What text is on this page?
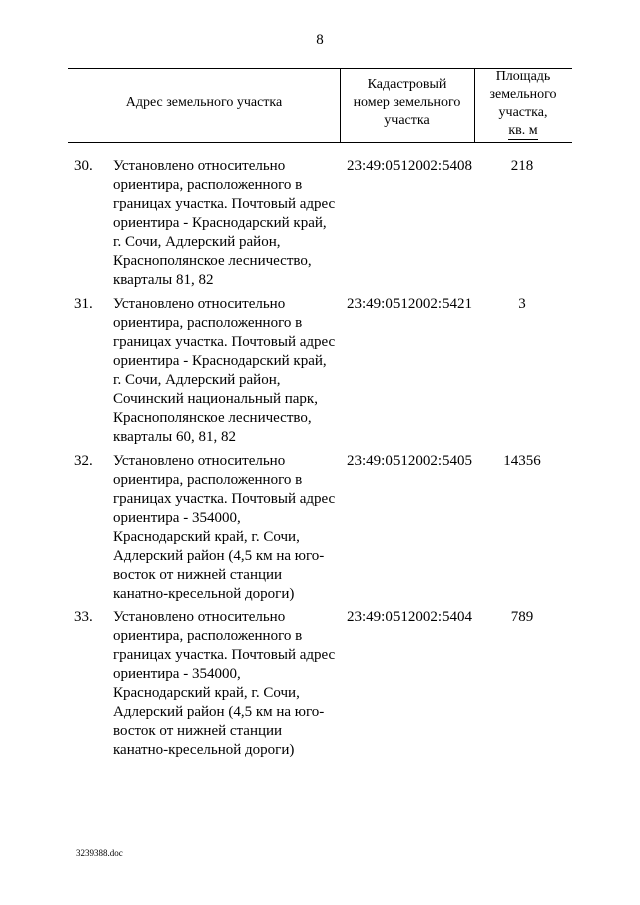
8
Адрес земельного участка
Кадастровый
номер земельного
участка
Площадь
земельного
участка,
кв. м
30.	Установлено относительно
ориентира, расположенного в
границах участка. Почтовый адрес
ориентира - Краснодарский край,
г. Сочи, Адлерский район,
Краснополянское лесничество,
кварталы 81, 82
23:49:0512002:5408	218
31.	Установлено относительно
ориентира, расположенного в
границах участка. Почтовый адрес
ориентира - Краснодарский край,
г. Сочи, Адлерский район,
Сочинский национальный парк,
Краснополянское лесничество,
кварталы 60, 81, 82
23:49:0512002:5421	3
32.	Установлено относительно
ориентира, расположенного в
границах участка. Почтовый адрес
ориентира - 354000,
Краснодарский край, г. Сочи,
Адлерский район (4,5 км на юго-
восток от нижней станции
канатно-кресельной дороги)
23:49:0512002:5405	14356
33.	Установлено относительно
ориентира, расположенного в
границах участка. Почтовый адрес
ориентира - 354000,
Краснодарский край, г. Сочи,
Адлерский район (4,5 км на юго-
восток от нижней станции
канатно-кресельной дороги)
23:49:0512002:5404	789
3239388.doc
